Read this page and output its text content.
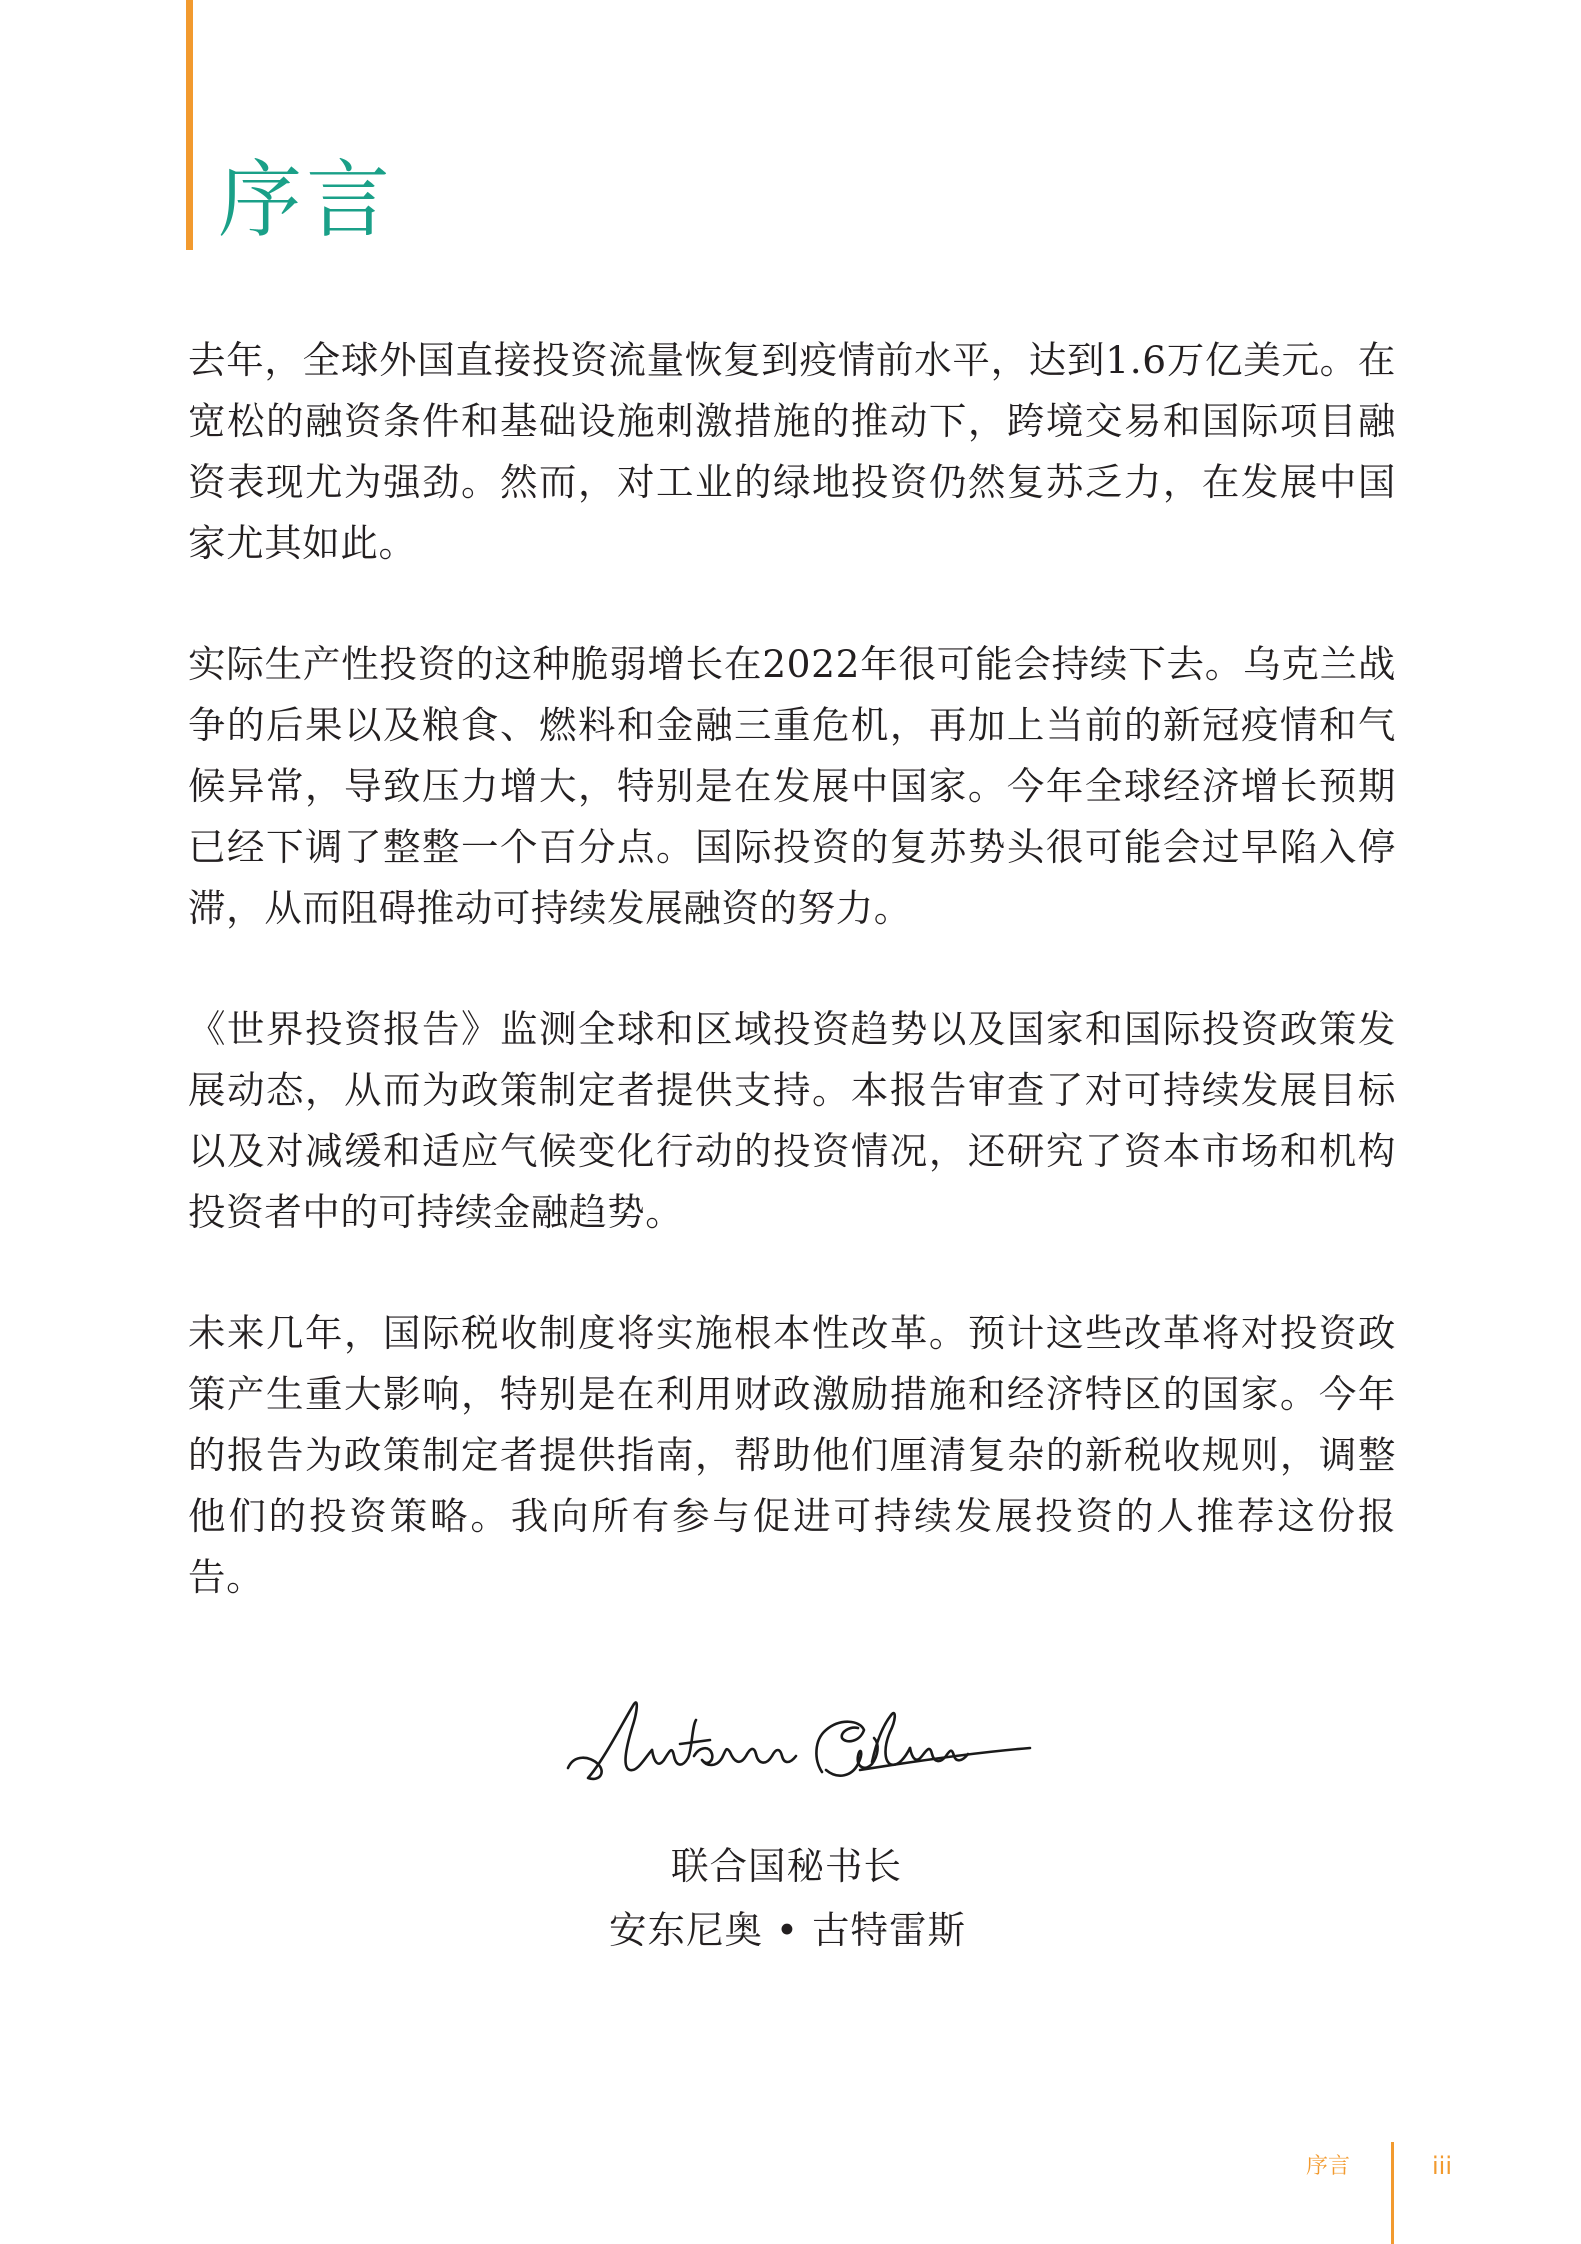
序言

去年，全球外国直接投资流量恢复到疫情前水平，达到1.6万亿美元。在宽松的融资条件和基础设施刺激措施的推动下，跨境交易和国际项目融资表现尤为强劲。然而，对工业的绿地投资仍然复苏乏力，在发展中国家尤其如此。

实际生产性投资的这种脆弱增长在2022年很可能会持续下去。乌克兰战争的后果以及粮食、燃料和金融三重危机，再加上当前的新冠疫情和气候异常，导致压力增大，特别是在发展中国家。今年全球经济增长预期已经下调了整整一个百分点。国际投资的复苏势头很可能会过早陷入停滞，从而阻碍推动可持续发展融资的努力。

《世界投资报告》监测全球和区域投资趋势以及国家和国际投资政策发展动态，从而为政策制定者提供支持。本报告审查了对可持续发展目标以及对减缓和适应气候变化行动的投资情况，还研究了资本市场和机构投资者中的可持续金融趋势。

未来几年，国际税收制度将实施根本性改革。预计这些改革将对投资政策产生重大影响，特别是在利用财政激励措施和经济特区的国家。今年的报告为政策制定者提供指南，帮助他们厘清复杂的新税收规则，调整他们的投资策略。我向所有参与促进可持续发展投资的人推荐这份报告。

联合国秘书长
安东尼奥 • 古特雷斯
序言	iii
